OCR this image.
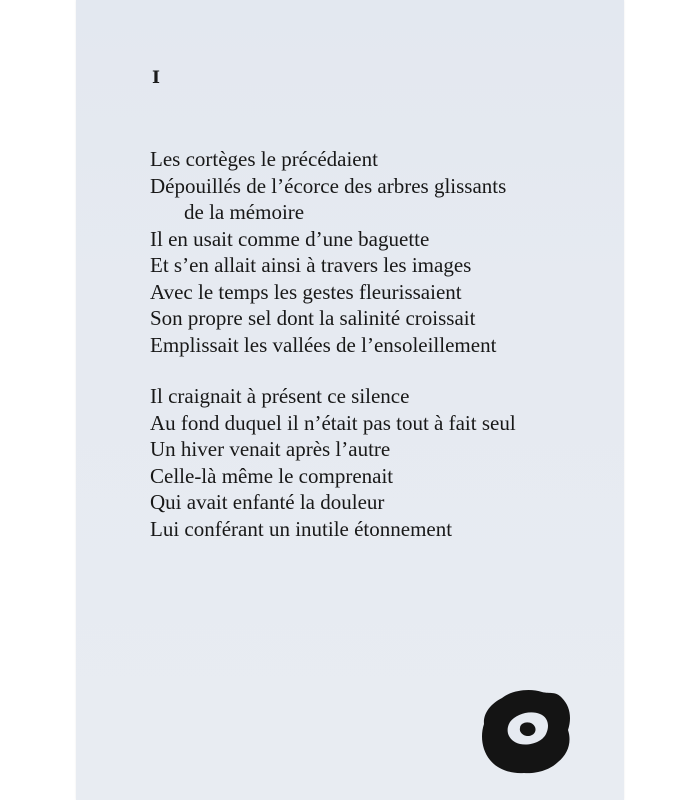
I
Les cortèges le précédaient
Dépouillés de l’écorce des arbres glissants
de la mémoire
Il en usait comme d’une baguette
Et s’en allait ainsi à travers les images
Avec le temps les gestes fleurissaient
Son propre sel dont la salinité croissait
Emplissait les vallées de l’ensoleillement
Il craignait à présent ce silence
Au fond duquel il n’était pas tout à fait seul
Un hiver venait après l’autre
Celle-là même le comprenait
Qui avait enfanté la douleur
Lui conférant un inutile étonnement
